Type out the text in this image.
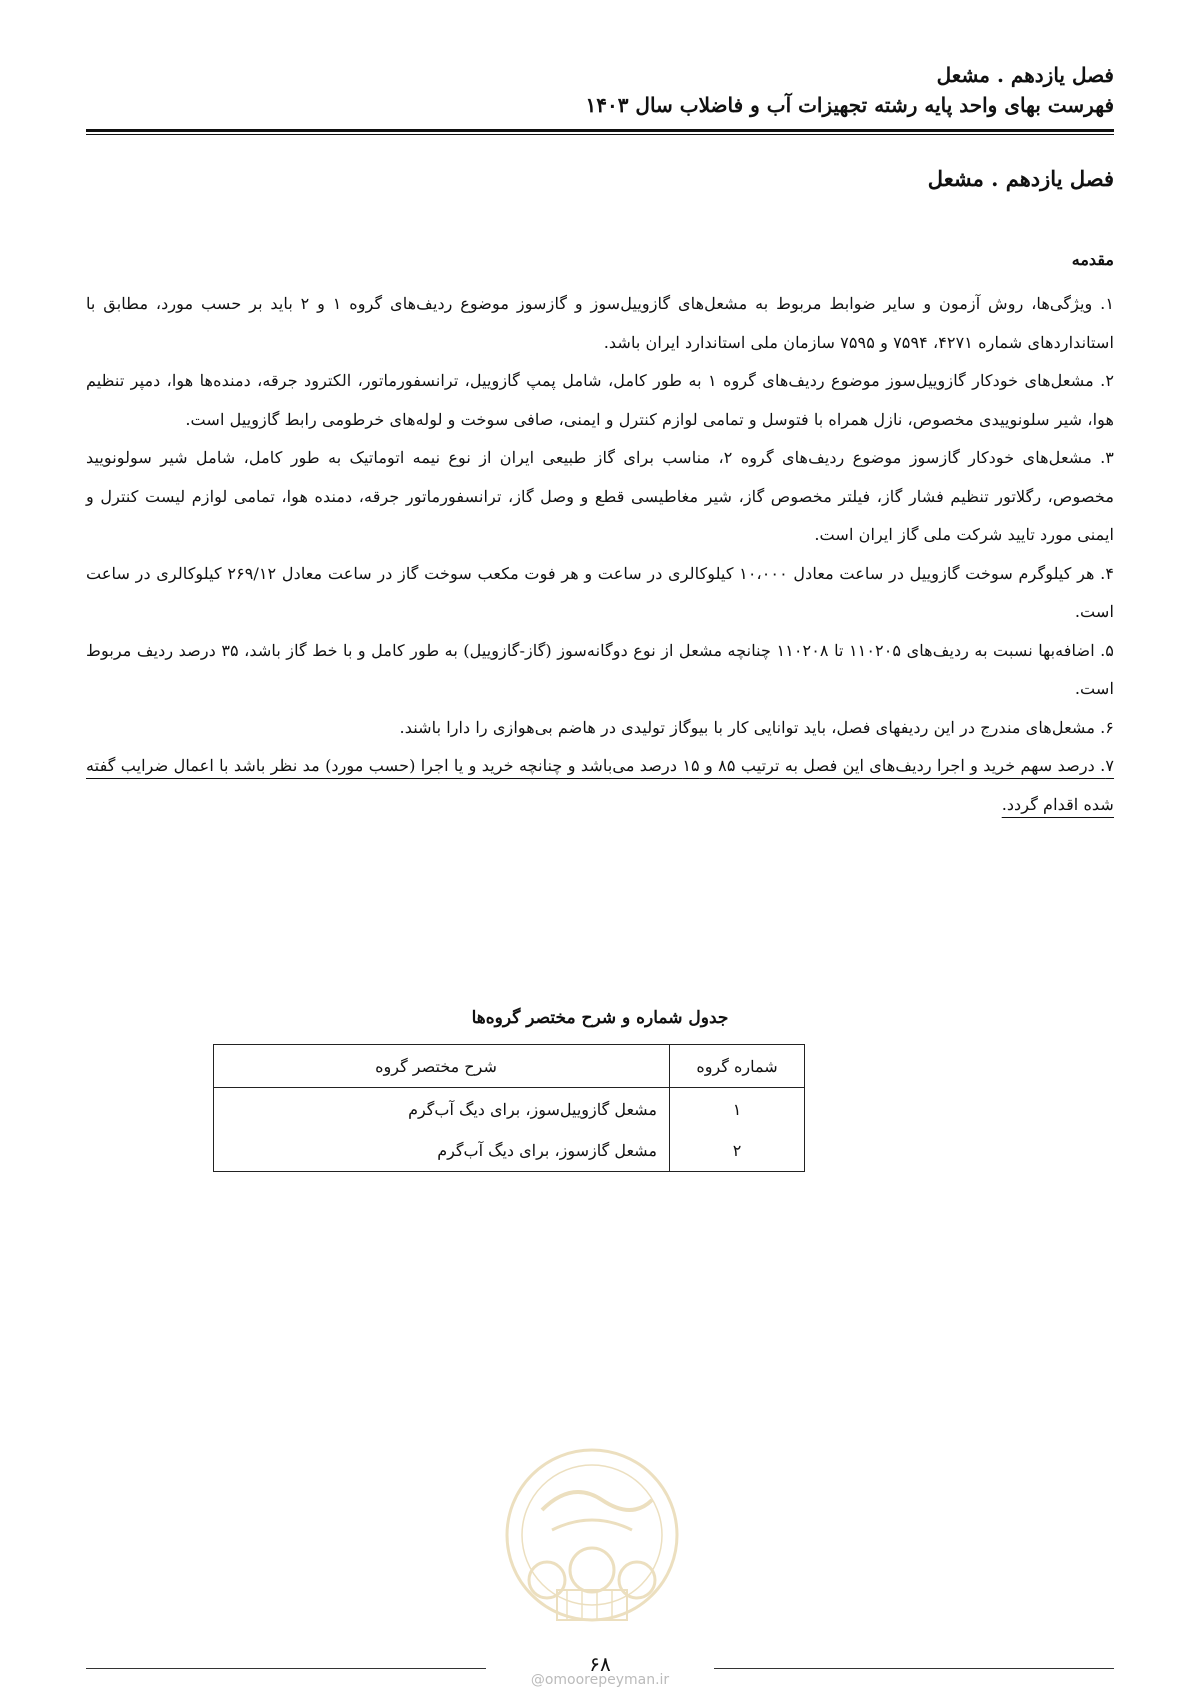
فصل یازدهم . مشعل
فهرست بهای واحد پایه رشته تجهیزات آب و فاضلاب سال ۱۴۰۳
فصل یازدهم . مشعل
مقدمه

۱. ویژگی‌ها، روش آزمون و سایر ضوابط مربوط به مشعل‌های گازوییل‌سوز و گازسوز موضوع ردیف‌های گروه ۱ و ۲ باید بر حسب مورد، مطابق با استانداردهای شماره ۴۲۷۱، ۷۵۹۴ و ۷۵۹۵ سازمان ملی استاندارد ایران باشد.

۲. مشعل‌های خودکار گازوییل‌سوز موضوع ردیف‌های گروه ۱ به طور کامل، شامل پمپ گازوییل، ترانسفورماتور، الکترود جرقه، دمنده‌ها هوا، دمپر تنظیم هوا، شیر سلونوییدی مخصوص، نازل همراه با فتوسل و تمامی لوازم کنترل و ایمنی، صافی سوخت و لوله‌های خرطومی رابط گازوییل است.

۳. مشعل‌های خودکار گازسوز موضوع ردیف‌های گروه ۲، مناسب برای گاز طبیعی ایران از نوع نیمه اتوماتیک به طور کامل، شامل شیر سولونویید مخصوص، رگلاتور تنظیم فشار گاز، فیلتر مخصوص گاز، شیر مغاطیسی قطع و وصل گاز، ترانسفورماتور جرقه، دمنده هوا، تمامی لوازم لیست کنترل و ایمنی مورد تایید شرکت ملی گاز ایران است.

۴. هر کیلوگرم سوخت گازوییل در ساعت معادل ۱۰،۰۰۰ کیلوکالری در ساعت و هر فوت مکعب سوخت گاز در ساعت معادل ۲۶۹/۱۲ کیلوکالری در ساعت است.

۵. اضافه‌بها نسبت به ردیف‌های ۱۱۰۲۰۵ تا ۱۱۰۲۰۸ چنانچه مشعل از نوع دوگانه‌سوز (گاز-گازوییل) به طور کامل و با خط گاز باشد، ۳۵ درصد ردیف مربوط است.

۶. مشعل‌های مندرج در این ردیفهای فصل، باید توانایی کار با بیوگاز تولیدی در هاضم بی‌هوازی را دارا باشند.

۷. درصد سهم خرید و اجرا ردیف‌های این فصل به ترتیب ۸۵ و ۱۵ درصد می‌باشد و چنانچه خرید و یا اجرا (حسب مورد) مد نظر باشد با اعمال ضرایب گفته شده اقدام گردد.

جدول شماره و شرح مختصر گروه‌ها
شماره گروه	شرح مختصر گروه
۱	مشعل گازوییل‌سوز، برای دیگ آب‌گرم
۲	مشعل گازسوز، برای دیگ آب‌گرم
۶۸
@omoorepeyman.ir
